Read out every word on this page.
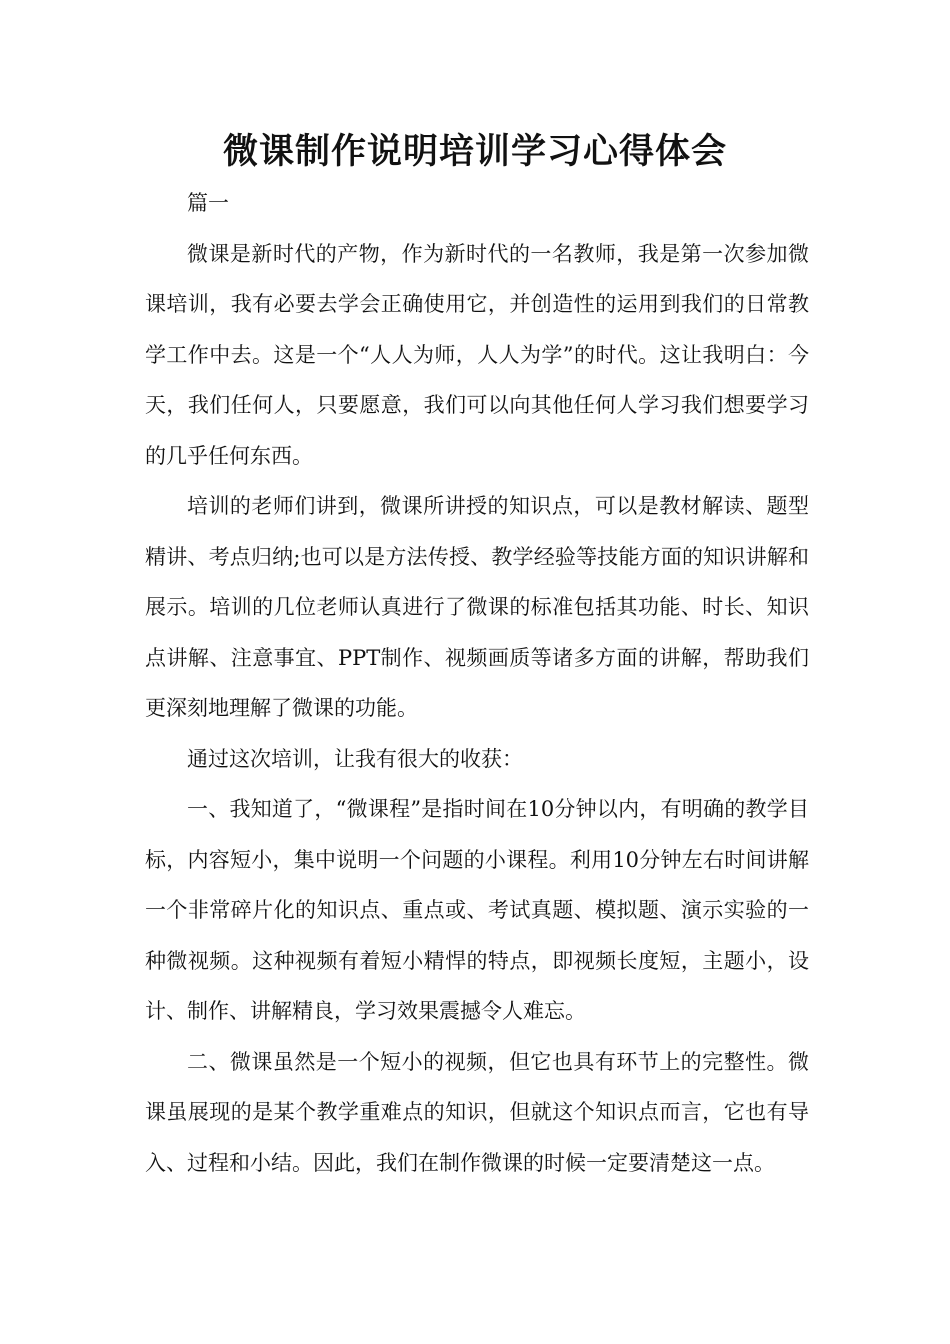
微课制作说明培训学习心得体会

篇一

微课是新时代的产物，作为新时代的一名教师，我是第一次参加微课培训，我有必要去学会正确使用它，并创造性的运用到我们的日常教学工作中去。这是一个“人人为师，人人为学”的时代。这让我明白：今天，我们任何人，只要愿意，我们可以向其他任何人学习我们想要学习的几乎任何东西。

培训的老师们讲到，微课所讲授的知识点，可以是教材解读、题型精讲、考点归纳;也可以是方法传授、教学经验等技能方面的知识讲解和展示。培训的几位老师认真进行了微课的标准包括其功能、时长、知识点讲解、注意事宜、PPT制作、视频画质等诸多方面的讲解，帮助我们更深刻地理解了微课的功能。

通过这次培训，让我有很大的收获：

一、我知道了，“微课程”是指时间在10分钟以内，有明确的教学目标，内容短小，集中说明一个问题的小课程。利用10分钟左右时间讲解一个非常碎片化的知识点、重点或、考试真题、模拟题、演示实验的一种微视频。这种视频有着短小精悍的特点，即视频长度短，主题小，设计、制作、讲解精良，学习效果震撼令人难忘。

二、微课虽然是一个短小的视频，但它也具有环节上的完整性。微课虽展现的是某个教学重难点的知识，但就这个知识点而言，它也有导入、过程和小结。因此，我们在制作微课的时候一定要清楚这一点。
